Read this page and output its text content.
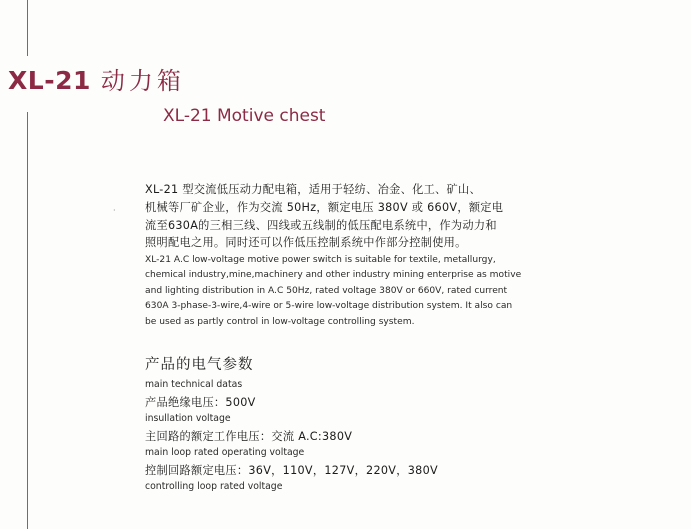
XL-21 动力箱
XL-21 Motive chest
·

XL-21 型交流低压动力配电箱，适用于轻纺、冶金、化工、矿山、

机械等厂矿企业，作为交流 50Hz，额定电压 380V 或 660V，额定电

流至630A的三相三线、四线或五线制的低压配电系统中，作为动力和

照明配电之用。同时还可以作低压控制系统中作部分控制使用。

XL-21 A.C low-voltage motive power switch is suitable for textile, metallurgy,

chemical industry,mine,machinery and other industry mining enterprise as motive

and lighting distribution in A.C 50Hz, rated voltage 380V or 660V, rated current

630A 3-phase-3-wire,4-wire or 5-wire low-voltage distribution system. It also can

be used as partly control in low-voltage controlling system.

产品的电气参数

main technical datas

产品绝缘电压：500V

insullation voltage

主回路的额定工作电压：交流 A.C:380V

main loop rated operating voltage

控制回路额定电压：36V，110V，127V，220V，380V

controlling loop rated voltage
